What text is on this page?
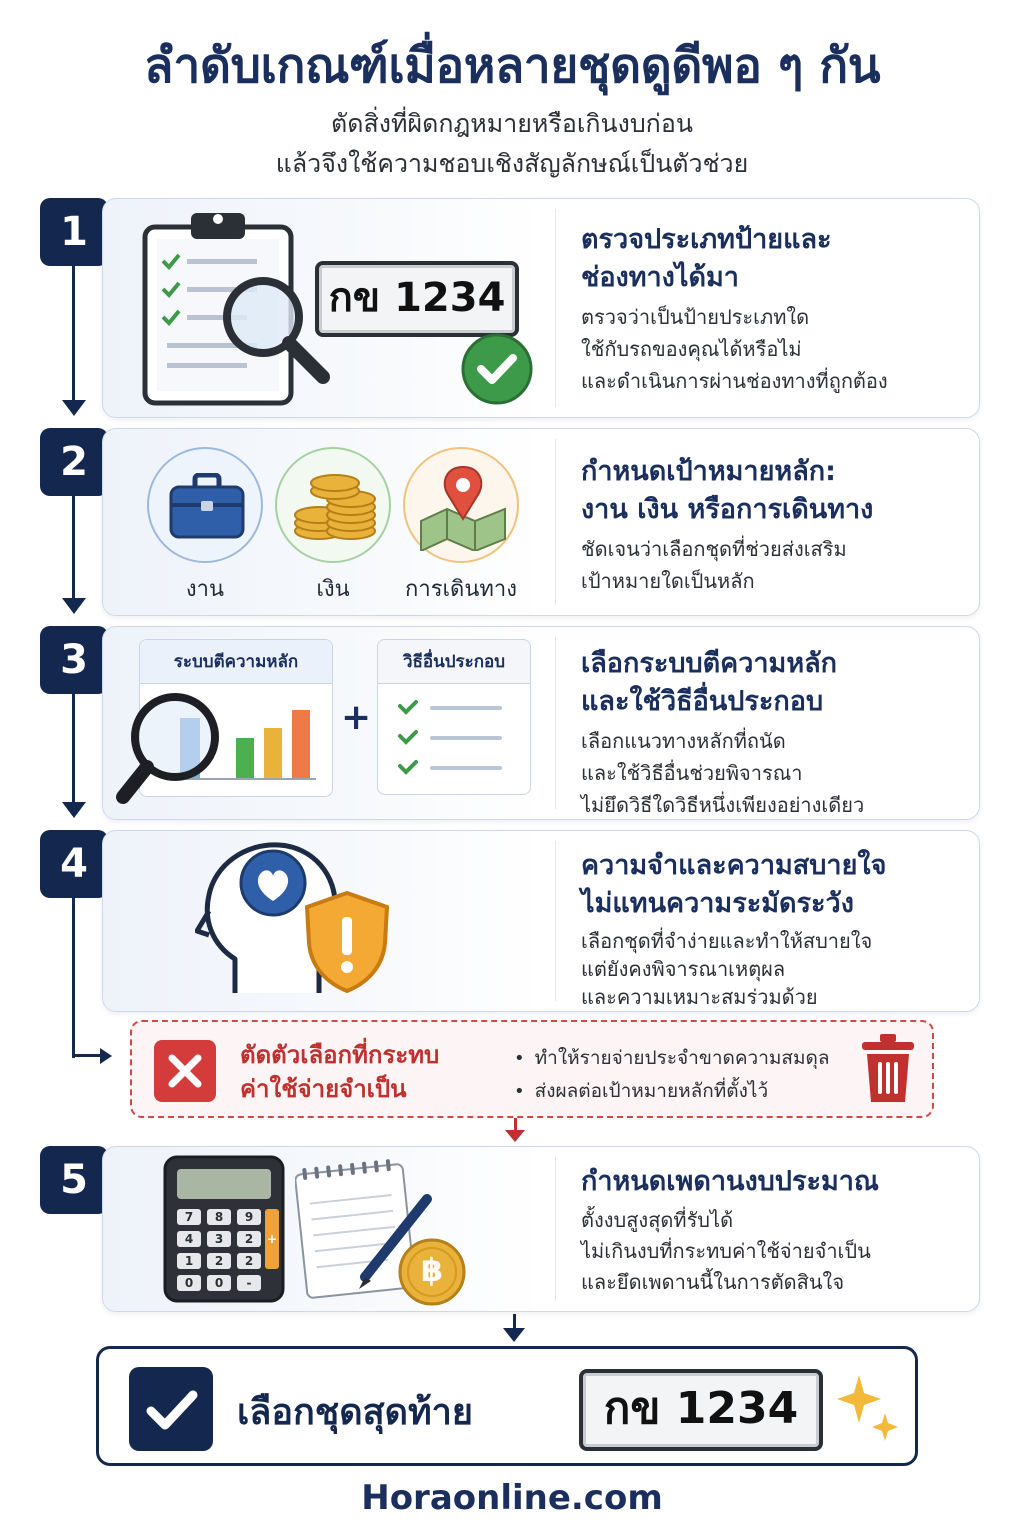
ลำดับเกณฑ์เมื่อหลายชุดดูดีพอ ๆ กัน
ตัดสิ่งที่ผิดกฎหมายหรือเกินงบก่อน
แล้วจึงใช้ความชอบเชิงสัญลักษณ์เป็นตัวช่วย
1
กข 1234
ตรวจประเภทป้ายและ
ช่องทางได้มา
ตรวจว่าเป็นป้ายประเภทใด
ใช้กับรถของคุณได้หรือไม่
และดำเนินการผ่านช่องทางที่ถูกต้อง
2
งาน	เงิน	การเดินทาง
กำหนดเป้าหมายหลัก:
งาน เงิน หรือการเดินทาง
ชัดเจนว่าเลือกชุดที่ช่วยส่งเสริม
เป้าหมายใดเป็นหลัก
3	ระบบตีความหลัก
+
วิธีอื่นประกอบ	เลือกระบบตีความหลัก
และใช้วิธีอื่นประกอบ
เลือกแนวทางหลักที่ถนัด
และใช้วิธีอื่นช่วยพิจารณา
ไม่ยึดวิธีใดวิธีหนึ่งเพียงอย่างเดียว
4	ความจำและความสบายใจ
ไม่แทนความระมัดระวัง
เลือกชุดที่จำง่ายและทำให้สบายใจ
แต่ยังคงพิจารณาเหตุผล
และความเหมาะสมร่วมด้วย
ตัดตัวเลือกที่กระทบ
ค่าใช้จ่ายจำเป็น
• ทำให้รายจ่ายประจำขาดความสมดุล
• ส่งผลต่อเป้าหมายหลักที่ตั้งไว้
5
7 8 9
4 3 2
1 2 2
0 0 -
+
฿
กำหนดเพดานงบประมาณ
ตั้งงบสูงสุดที่รับได้
ไม่เกินงบที่กระทบค่าใช้จ่ายจำเป็น
และยึดเพดานนี้ในการตัดสินใจ
เลือกชุดสุดท้าย	กข 1234
Horaonline.com
